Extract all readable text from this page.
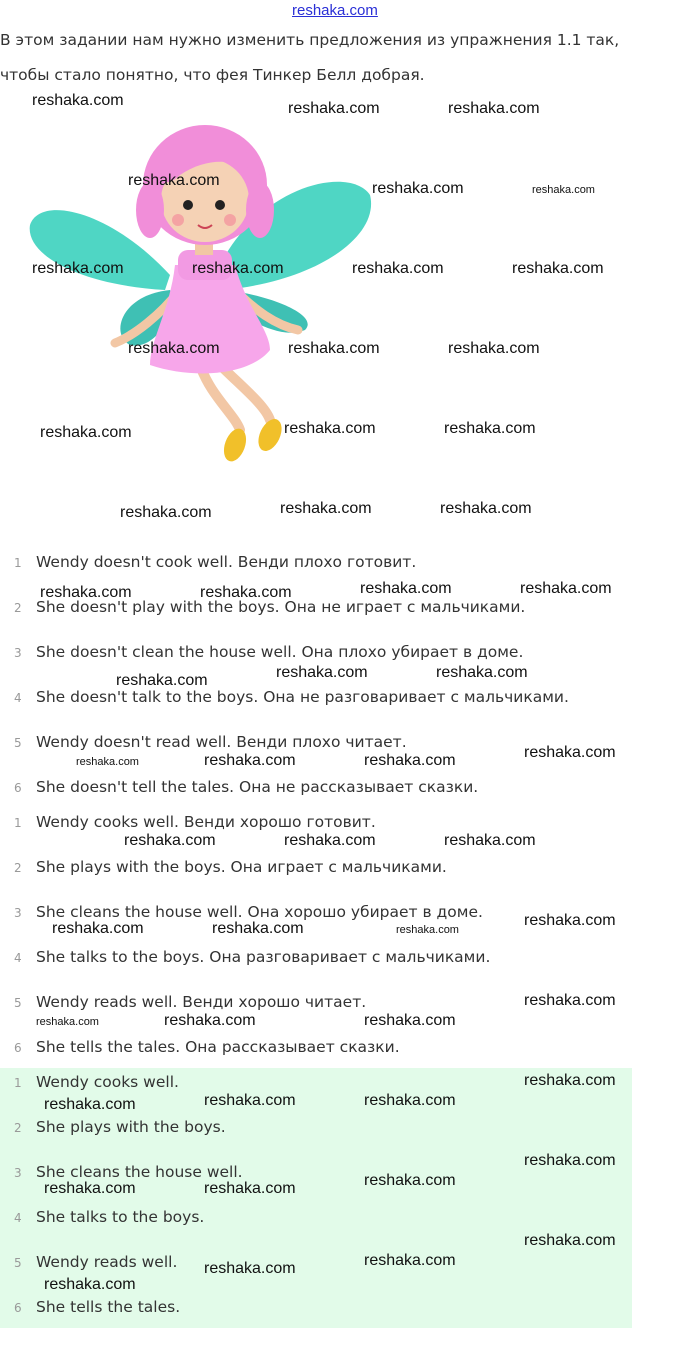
reshaka.com
В этом задании нам нужно изменить предложения из упражнения 1.1 так,
чтобы стало понятно, что фея Тинкер Белл добрая.
1 Wendy doesn't cook well. Венди плохо готовит.
2 She doesn't play with the boys. Она не играет с мальчиками.
3 She doesn't clean the house well. Она плохо убирает в доме.
4 She doesn't talk to the boys. Она не разговаривает с мальчиками.
5 Wendy doesn't read well. Венди плохо читает.
6 She doesn't tell the tales. Она не рассказывает сказки.
1 Wendy cooks well. Венди хорошо готовит.
2 She plays with the boys. Она играет с мальчиками.
3 She cleans the house well. Она хорошо убирает в доме.
4 She talks to the boys. Она разговаривает с мальчиками.
5 Wendy reads well. Венди хорошо читает.
6 She tells the tales. Она рассказывает сказки.
1 Wendy cooks well.
2 She plays with the boys.
3 She cleans the house well.
4 She talks to the boys.
5 Wendy reads well.
6 She tells the tales.
reshaka.com	reshaka.com	reshaka.com
reshaka.com	reshaka.com	reshaka.com
reshaka.com	reshaka.com	reshaka.com	reshaka.com
reshaka.com	reshaka.com	reshaka.com
reshaka.com	reshaka.com	reshaka.com
reshaka.com	reshaka.com	reshaka.com
reshaka.com	reshaka.com	reshaka.com	reshaka.com
reshaka.com	reshaka.com	reshaka.com
reshaka.com	reshaka.com	reshaka.com	reshaka.com
reshaka.com	reshaka.com	reshaka.com
reshaka.com	reshaka.com	reshaka.com
reshaka.com
reshaka.com	reshaka.com	reshaka.com
reshaka.com
reshaka.com	reshaka.com	reshaka.com
reshaka.com
reshaka.com	reshaka.com	reshaka.com
reshaka.com
reshaka.com
reshaka.com	reshaka.com
reshaka.com
